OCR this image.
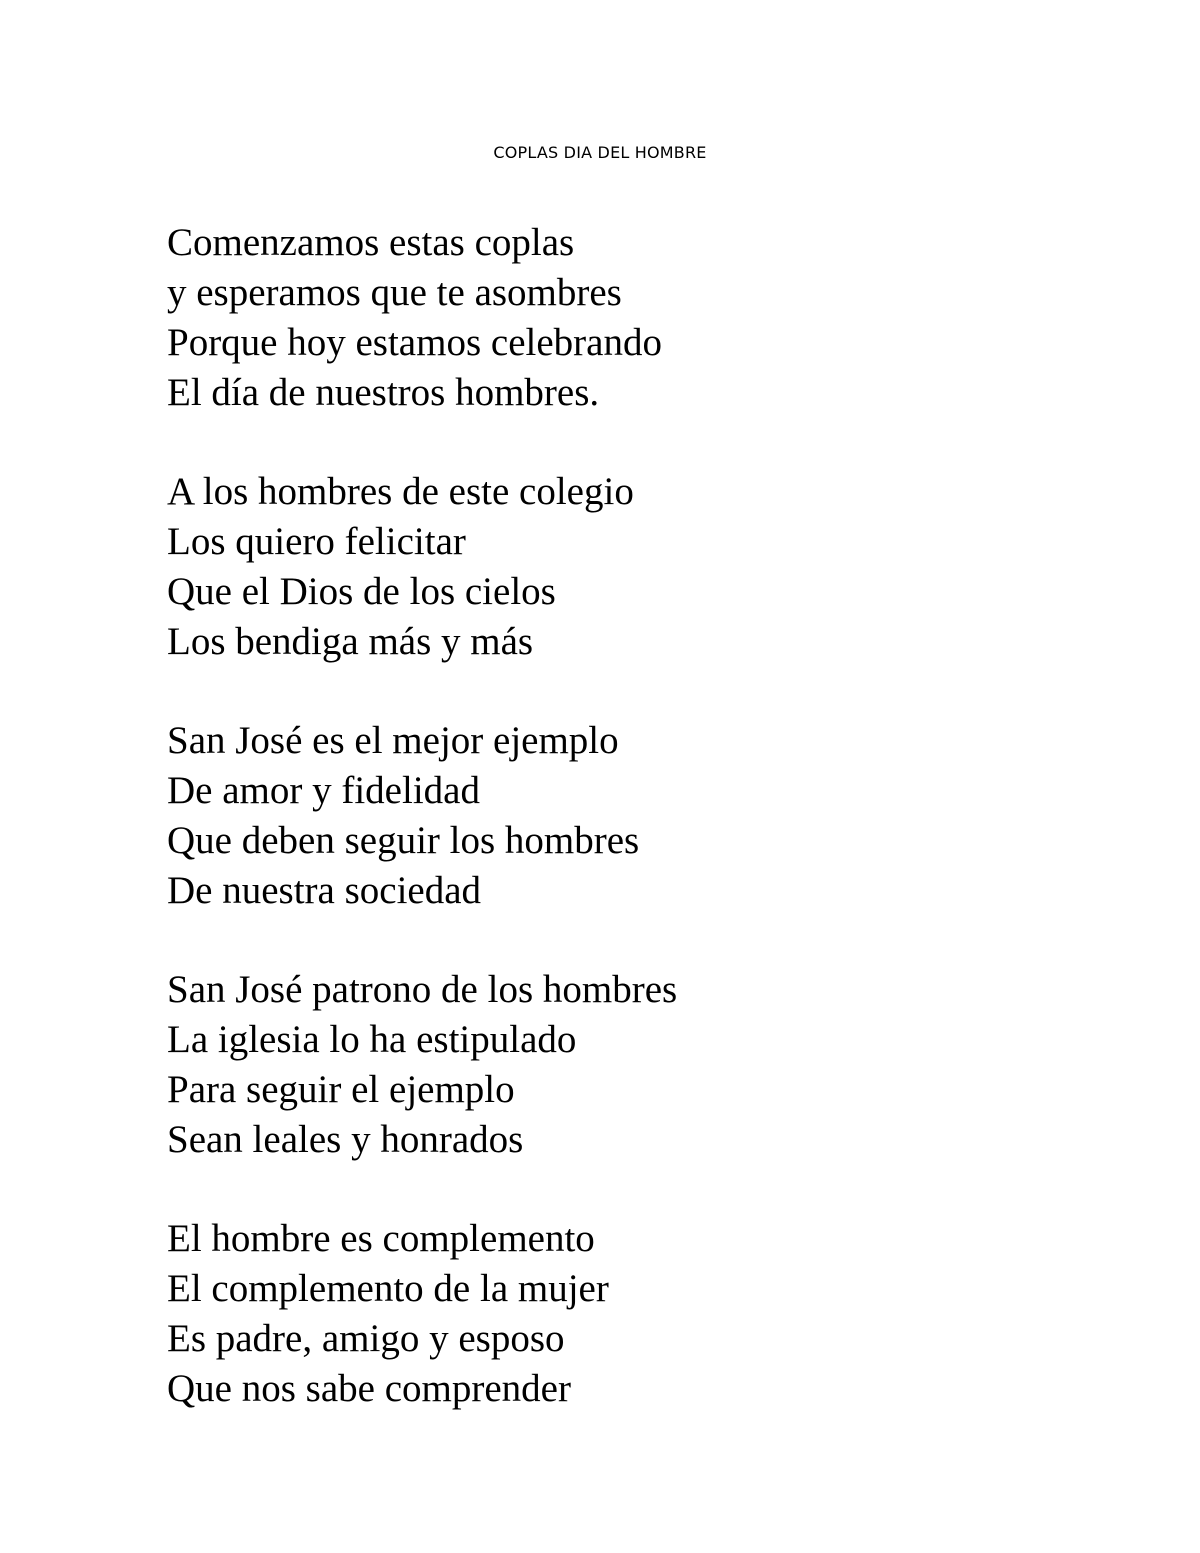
COPLAS DIA DEL HOMBRE
Comenzamos estas coplas
y esperamos que te asombres
Porque hoy estamos celebrando
El día de nuestros hombres.
A los hombres de este colegio
Los quiero felicitar
Que el Dios de los cielos
Los bendiga más y más
San José es el mejor ejemplo
De amor y fidelidad
Que deben seguir los hombres
De nuestra sociedad
San José patrono de los hombres
La iglesia lo ha estipulado
Para seguir el ejemplo
Sean leales y honrados
El hombre es complemento
El complemento de la mujer
Es padre, amigo y esposo
Que nos sabe comprender
